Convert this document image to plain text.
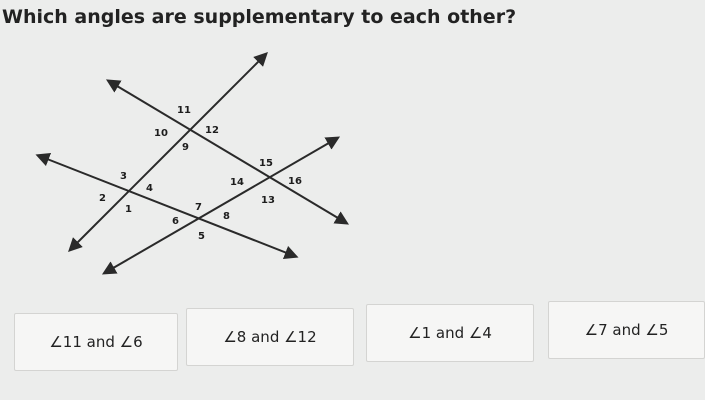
Which angles are supplementary to each other?
11
12
10
9
15
16
14
13
3
4
2
1	7
8
6
5
∠11 and ∠6	∠8 and ∠12	∠1 and ∠4	∠7 and ∠5
